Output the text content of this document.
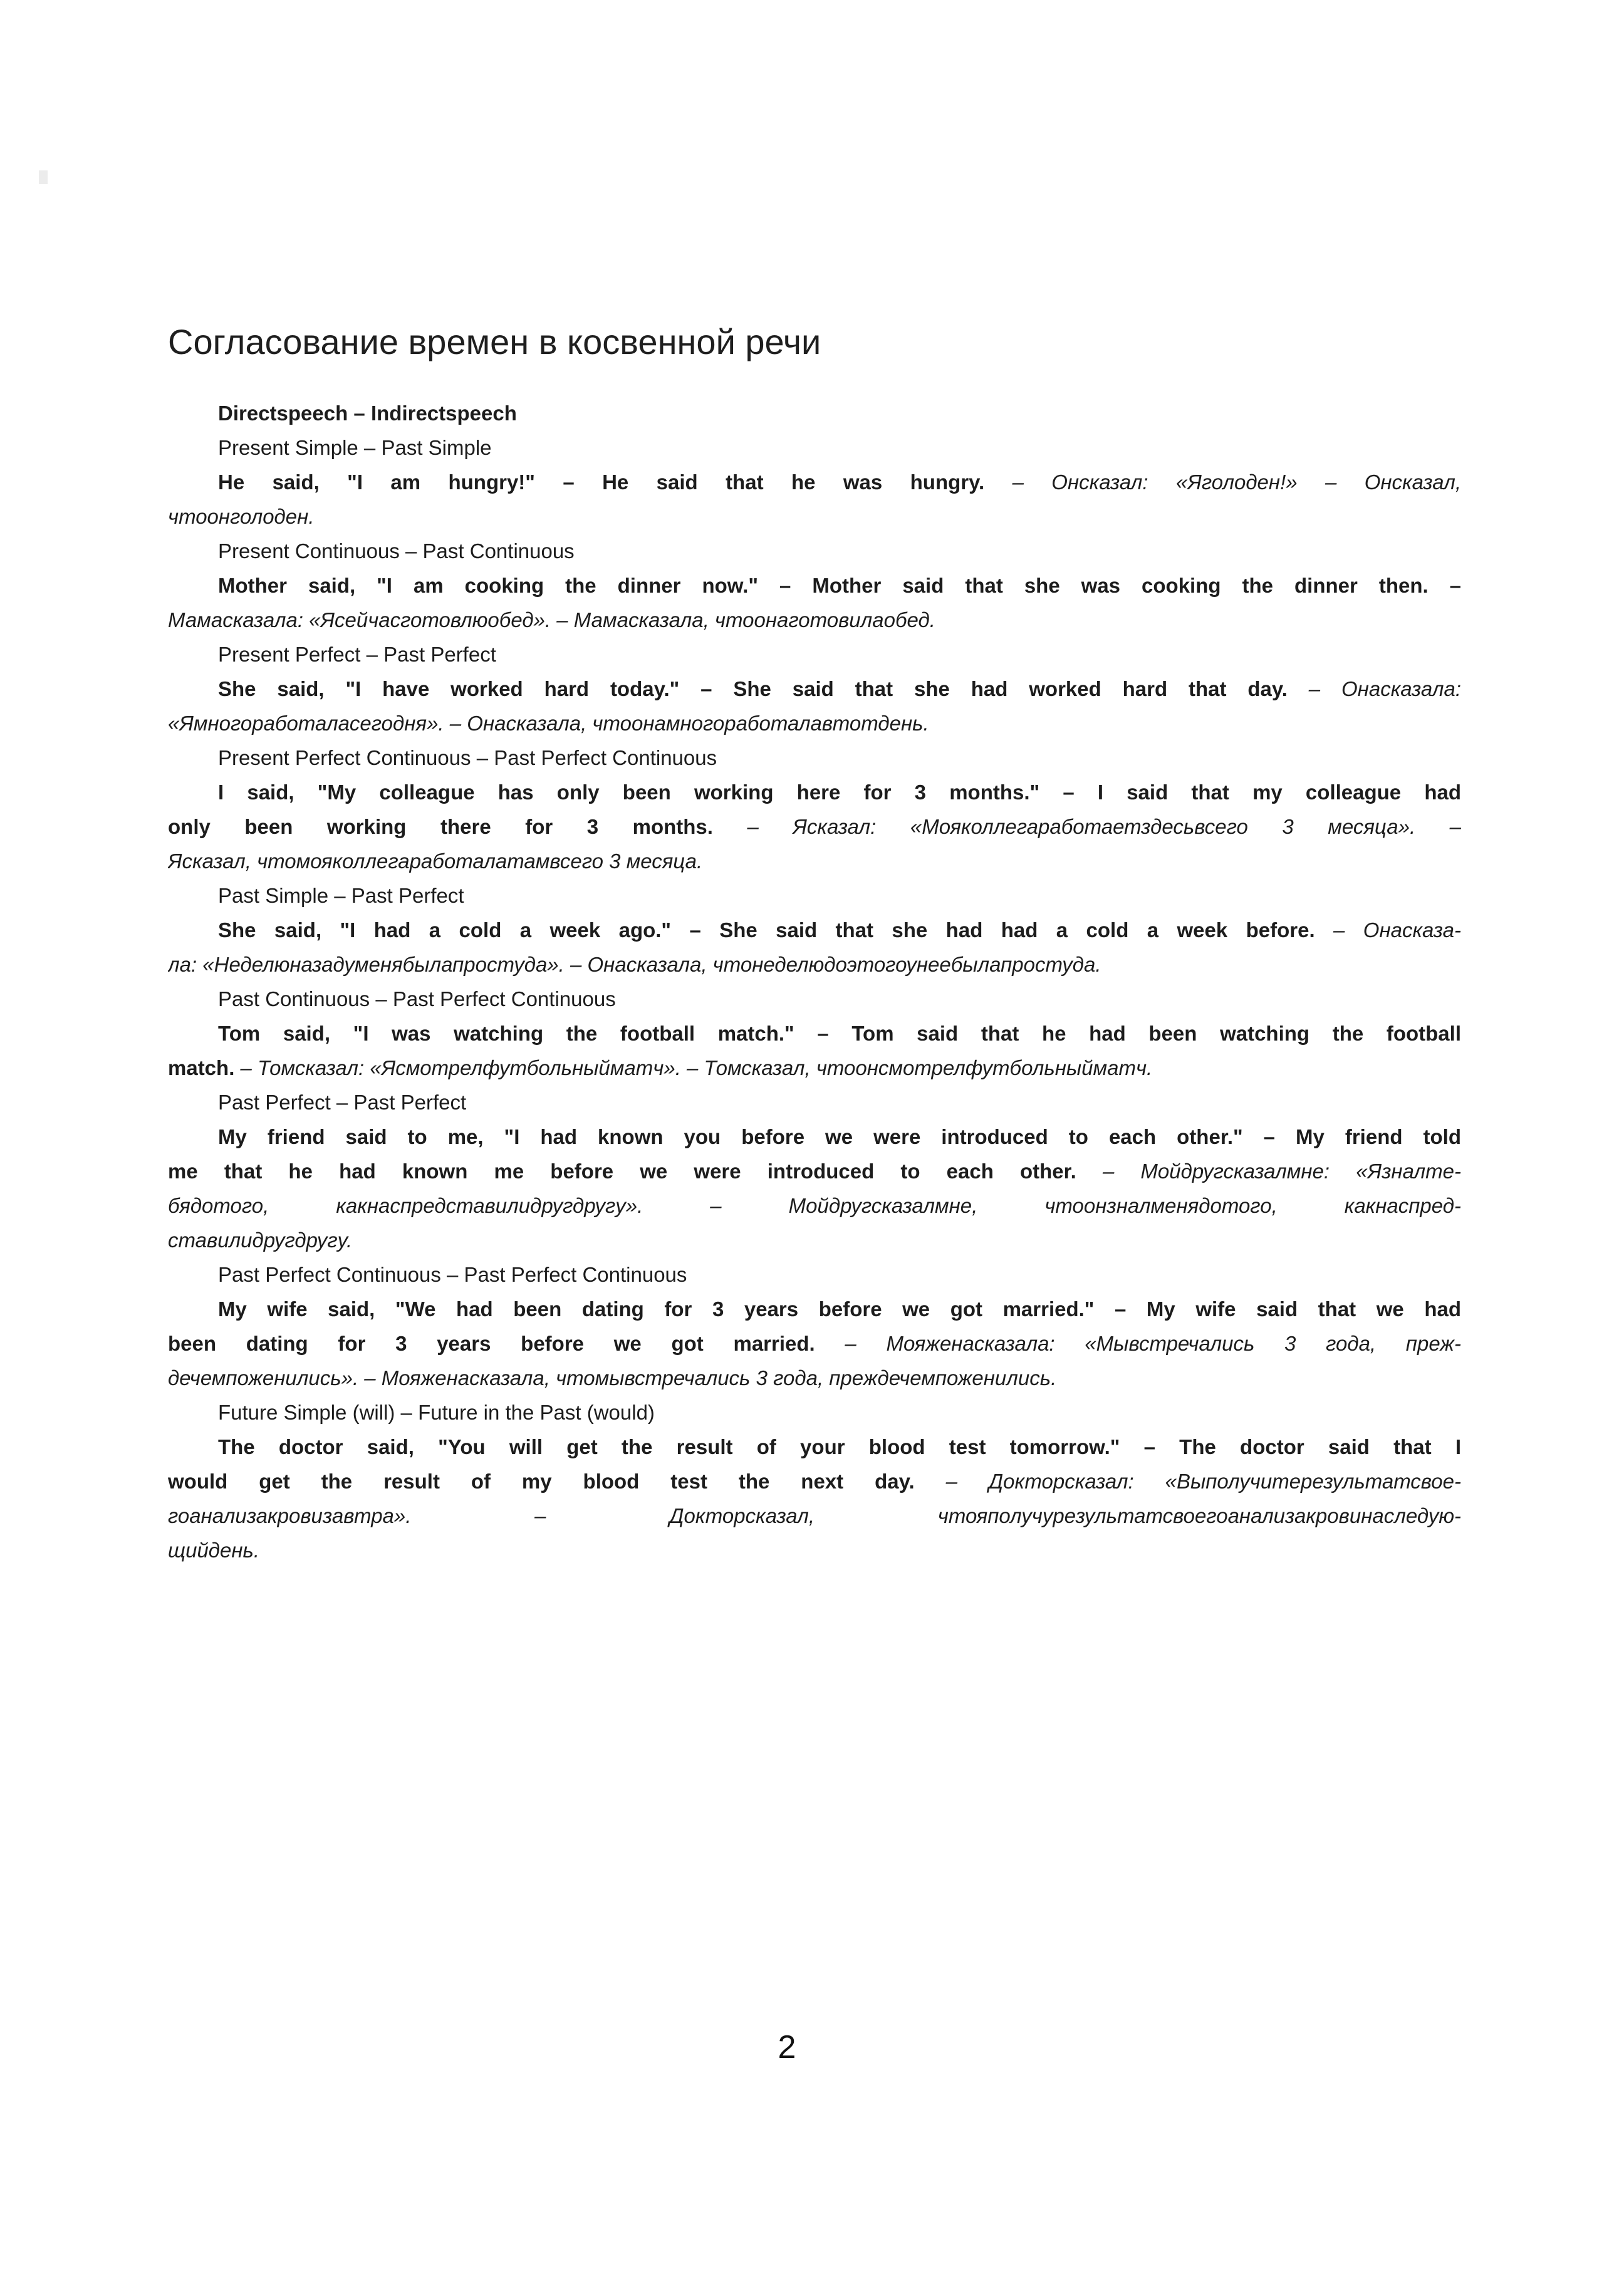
Согласование времен в косвенной речи
Directspeech – Indirectspeech
Present Simple – Past Simple
He said, "I am hungry!" – He said that he was hungry. – Онсказал: «Яголоден!» – Онсказал,
чтоонголоден.
Present Continuous – Past Continuous
Mother said, "I am cooking the dinner now." – Mother said that she was cooking the dinner then. –
Мамасказала: «Ясейчасготовлюобед». – Мамасказала, чтоонаготовилаобед.
Present Perfect – Past Perfect
She said, "I have worked hard today." – She said that she had worked hard that day. – Онасказала:
«Ямногоработаласегодня». – Онасказала, чтоонамногоработалавтотдень.
Present Perfect Continuous – Past Perfect Continuous
I said, "My colleague has only been working here for 3 months." – I said that my colleague had
only been working there for 3 months. – Ясказал: «Мояколлегаработаетздесьвсего 3 месяца». –
Ясказал, чтомояколлегаработалатамвсего 3 месяца.
Past Simple – Past Perfect
She said, "I had a cold a week ago." – She said that she had had a cold a week before. – Онасказа-
ла: «Неделюназадуменябылапростуда». – Онасказала, чтонеделюдоэтогоунеебылапростуда.
Past Continuous – Past Perfect Continuous
Tom said, "I was watching the football match." – Tom said that he had been watching the football
match. – Томсказал: «Ясмотрелфутбольныйматч». – Томсказал, чтоонсмотрелфутбольныйматч.
Past Perfect – Past Perfect
My friend said to me, "I had known you before we were introduced to each other." – My friend told
me that he had known me before we were introduced to each other. – Мойдругсказалмне: «Язналте-
бядотого, какнаспредставилидругдругу». – Мойдругсказалмне, чтоонзналменядотого, какнаспред-
ставилидругдругу.
Past Perfect Continuous – Past Perfect Continuous
My wife said, "We had been dating for 3 years before we got married." – My wife said that we had
been dating for 3 years before we got married. – Мояженасказала: «Мывстречались 3 года, преж-
дечемпоженились». – Мояженасказала, чтомывстречались 3 года, преждечемпоженились.
Future Simple (will) – Future in the Past (would)
The doctor said, "You will get the result of your blood test tomorrow." – The doctor said that I
would get the result of my blood test the next day. – Докторсказал: «Выполучитерезультатсвое-
гоанализакровизавтра». – Докторсказал, чтояполучурезультатсвоегоанализакровинаследую-
щийдень.
2
